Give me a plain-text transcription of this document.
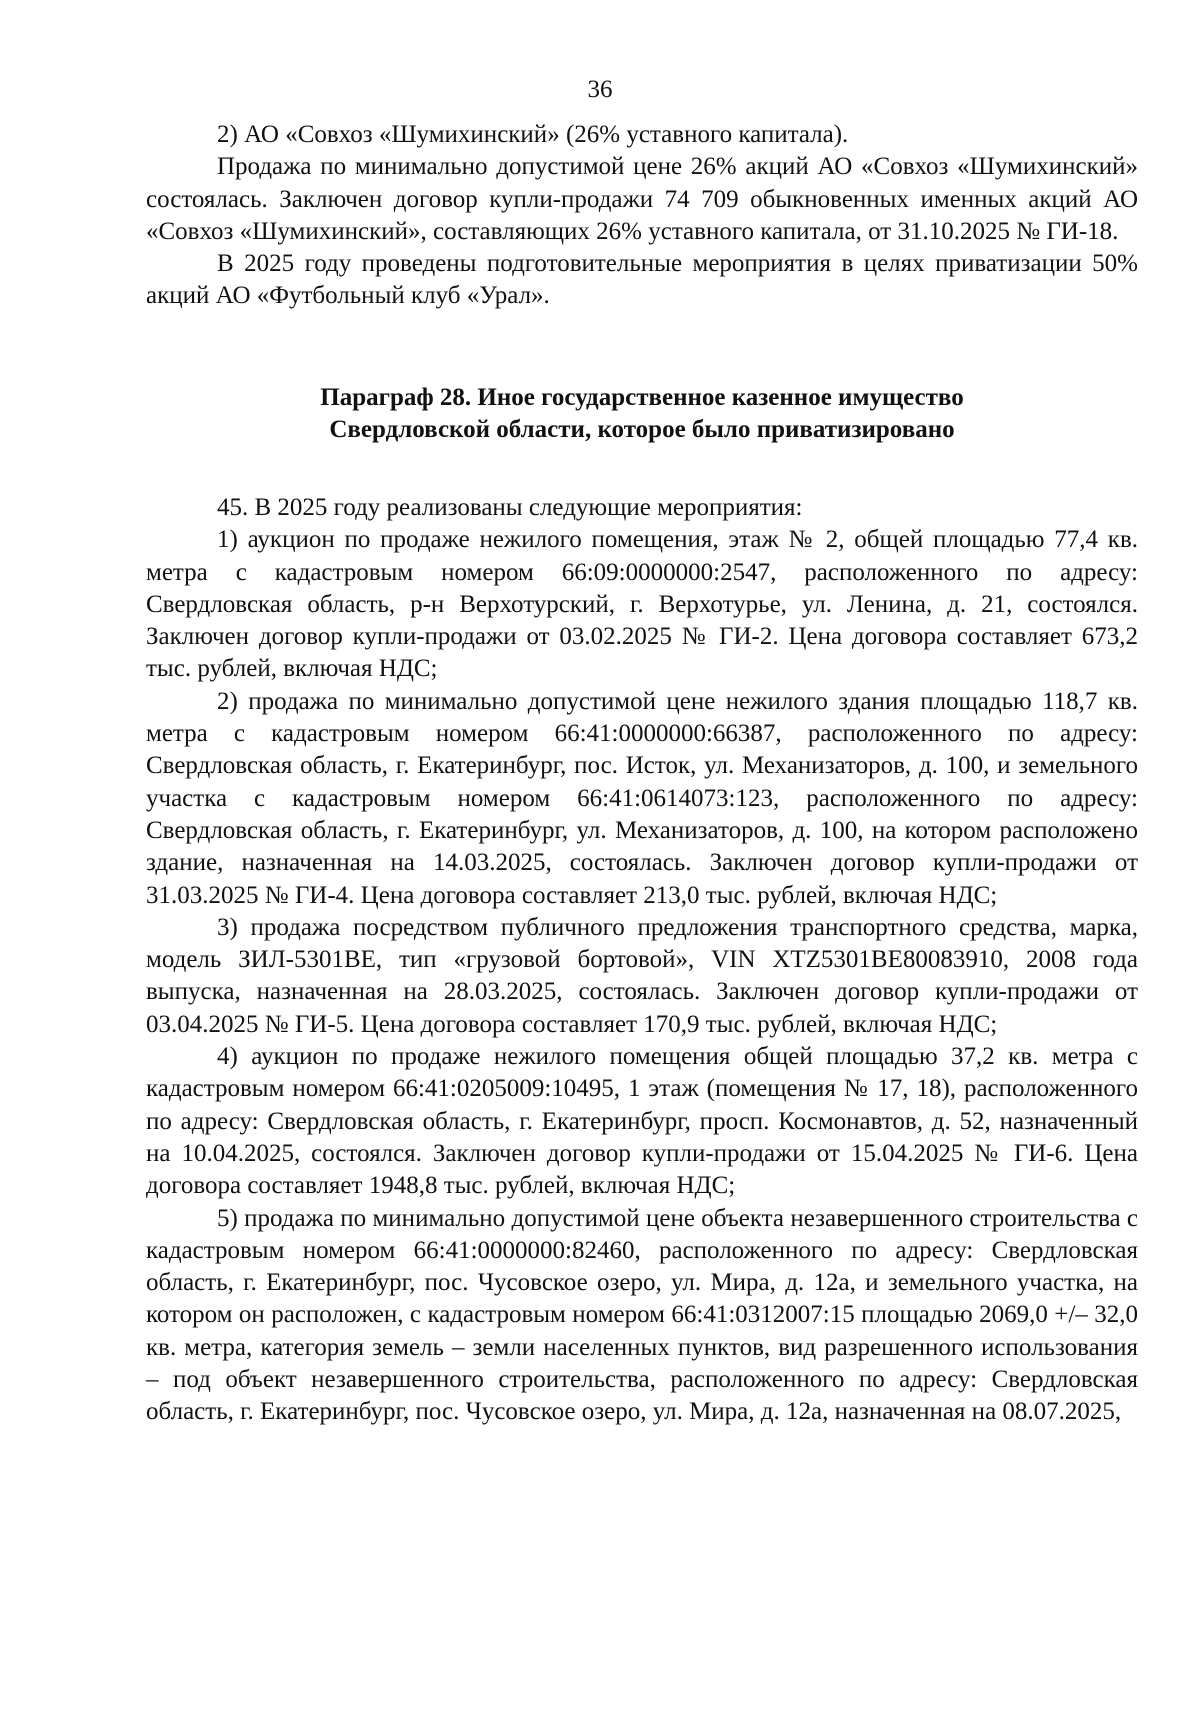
36

2) АО «Совхоз «Шумихинский» (26% уставного капитала).

Продажа по минимально допустимой цене 26% акций АО «Совхоз «Шумихинский» состоялась. Заключен договор купли-продажи 74 709 обыкновенных именных акций АО «Совхоз «Шумихинский», составляющих 26% уставного капитала, от 31.10.2025 № ГИ-18.

В 2025 году проведены подготовительные мероприятия в целях приватизации 50% акций АО «Футбольный клуб «Урал».

Параграф 28. Иное государственное казенное имущество
Свердловской области, которое было приватизировано

45. В 2025 году реализованы следующие мероприятия:

1) аукцион по продаже нежилого помещения, этаж № 2, общей площадью 77,4 кв. метра с кадастровым номером 66:09:0000000:2547, расположенного по адресу: Свердловская область, р-н Верхотурский, г. Верхотурье, ул. Ленина, д. 21, состоялся. Заключен договор купли-продажи от 03.02.2025 № ГИ-2. Цена договора составляет 673,2 тыс. рублей, включая НДС;

2) продажа по минимально допустимой цене нежилого здания площадью 118,7 кв. метра с кадастровым номером 66:41:0000000:66387, расположенного по адресу: Свердловская область, г. Екатеринбург, пос. Исток, ул. Механизаторов, д. 100, и земельного участка с кадастровым номером 66:41:0614073:123, расположенного по адресу: Свердловская область, г. Екатеринбург, ул. Механизаторов, д. 100, на котором расположено здание, назначенная на 14.03.2025, состоялась. Заключен договор купли-продажи от 31.03.2025 № ГИ-4. Цена договора составляет 213,0 тыс. рублей, включая НДС;

3) продажа посредством публичного предложения транспортного средства, марка, модель ЗИЛ-5301ВЕ, тип «грузовой бортовой», VIN XTZ5301BE80083910, 2008 года выпуска, назначенная на 28.03.2025, состоялась. Заключен договор купли-продажи от 03.04.2025 № ГИ-5. Цена договора составляет 170,9 тыс. рублей, включая НДС;

4) аукцион по продаже нежилого помещения общей площадью 37,2 кв. метра с кадастровым номером 66:41:0205009:10495, 1 этаж (помещения № 17, 18), расположенного по адресу: Свердловская область, г. Екатеринбург, просп. Космонавтов, д. 52, назначенный на 10.04.2025, состоялся. Заключен договор купли-продажи от 15.04.2025 № ГИ-6. Цена договора составляет 1948,8 тыс. рублей, включая НДС;

5) продажа по минимально допустимой цене объекта незавершенного строительства с кадастровым номером 66:41:0000000:82460, расположенного по адресу: Свердловская область, г. Екатеринбург, пос. Чусовское озеро, ул. Мира, д. 12а, и земельного участка, на котором он расположен, с кадастровым номером 66:41:0312007:15 площадью 2069,0 +/– 32,0 кв. метра, категория земель – земли населенных пунктов, вид разрешенного использования – под объект незавершенного строительства, расположенного по адресу: Свердловская область, г. Екатеринбург, пос. Чусовское озеро, ул. Мира, д. 12а, назначенная на 08.07.2025,
